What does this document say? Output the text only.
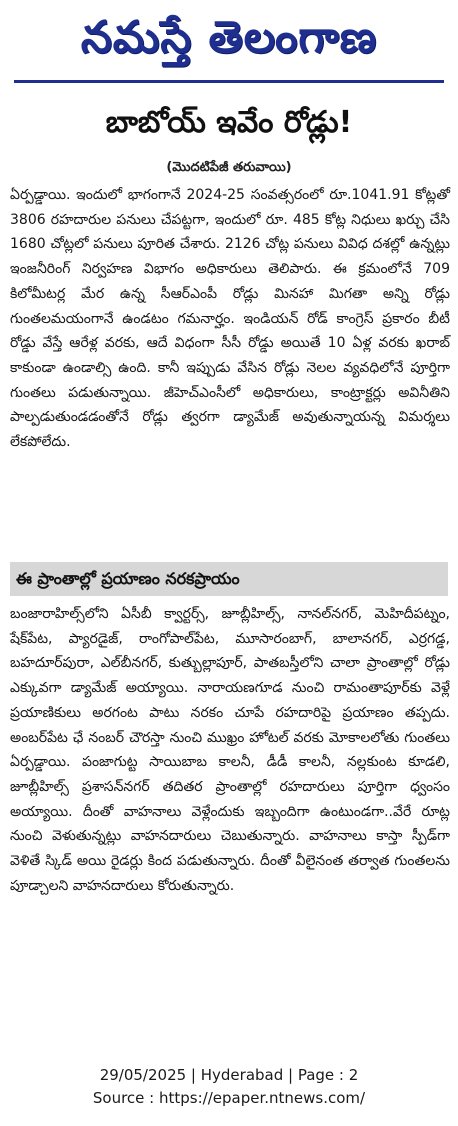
నమస్తే తెలంగాణ
బాబోయ్ ఇవేం రోడ్లు!
(మొదటిపేజీ తరువాయి)

ఏర్పడ్డాయి. ఇందులో భాగంగానే 2024-25 సంవత్సరంలో రూ.1041.91 కోట్లతో 3806 రహదారుల పనులు చేపట్టగా, ఇందులో రూ. 485 కోట్ల నిధులు ఖర్చు చేసి 1680 చోట్లలో పనులు పూరిత చేశారు. 2126 చోట్ల పనులు వివిధ దశల్లో ఉన్నట్లు ఇంజనీరింగ్ నిర్వహణ విభాగం అధికారులు తెలిపారు. ఈ క్రమంలోనే 709 కిలోమీటర్ల మేర ఉన్న సీఆర్ఎంపీ రోడ్లు మినహా మిగతా అన్ని రోడ్లు గుంతలమయంగానే ఉండటం గమనార్హం. ఇండియన్ రోడ్ కాంగ్రెస్ ప్రకారం బీటీ రోడ్డు వేస్తే ఆరేళ్ల వరకు, ఆదే విధంగా సీసీ రోడ్డు అయితే 10 ఏళ్ల వరకు ఖరాబ్ కాకుండా ఉండాల్సి ఉంది. కానీ ఇప్పుడు వేసిన రోడ్లు నెలల వ్యవధిలోనే పూర్తిగా గుంతలు పడుతున్నాయి. జీహెచ్ఎంసీలో అధికారులు, కాంట్రాక్టర్లు అవినీతిని పాల్పడుతుండడంతోనే రోడ్లు త్వరగా డ్యామేజ్ అవుతున్నాయన్న విమర్శలు లేకపోలేదు.

ఈ ప్రాంతాల్లో ప్రయాణం నరకప్రాయం

బంజారాహిల్స్‌లోని ఏసీబీ క్వార్టర్స్, జూబ్లీహిల్స్, నానల్‌నగర్, మెహిదీపట్నం, షేక్‌పేట, ప్యారడైజ్, రాంగోపాల్‌పేట, మూసారంబాగ్, బాలానగర్, ఎర్రగడ్డ, బహదూర్‌పురా, ఎల్‌బీనగర్, కుత్బుల్లాపూర్, పాతబస్తీలోని చాలా ప్రాంతాల్లో రోడ్లు ఎక్కువగా డ్యామేజ్ అయ్యాయి. నారాయణగూడ నుంచి రామంతాపూర్‌కు వెళ్లే ప్రయాణికులు అరగంట పాటు నరకం చూపే రహదారిపై ప్రయాణం తప్పదు. అంబర్‌పేట ఛే నంబర్ చౌరస్తా నుంచి ముఖ్రం హోటల్ వరకు మోకాలలోతు గుంతలు ఏర్పడ్డాయి. పంజాగుట్ట సాయిబాబ కాలనీ, డీడీ కాలనీ, నల్లకుంట కూడలి, జూబ్లీహిల్స్ ప్రశాసన్‌నగర్ తదితర ప్రాంతాల్లో రహదారులు పూర్తిగా ధ్వంసం అయ్యాయి. దీంతో వాహనాలు వెళ్లేందుకు ఇబ్బందిగా ఉంటుండగా..వేరే రూట్ల నుంచి వెళుతున్నట్లు వాహనదారులు చెబుతున్నారు. వాహనాలు కాస్తా స్పీడ్‌గా వెళితే స్కిడ్ అయి రైడర్లు కింద పడుతున్నారు. దీంతో వీలైనంత తర్వాత గుంతలను పూడ్చాలని వాహనదారులు కోరుతున్నారు.

29/05/2025 | Hyderabad | Page : 2
Source : https://epaper.ntnews.com/
